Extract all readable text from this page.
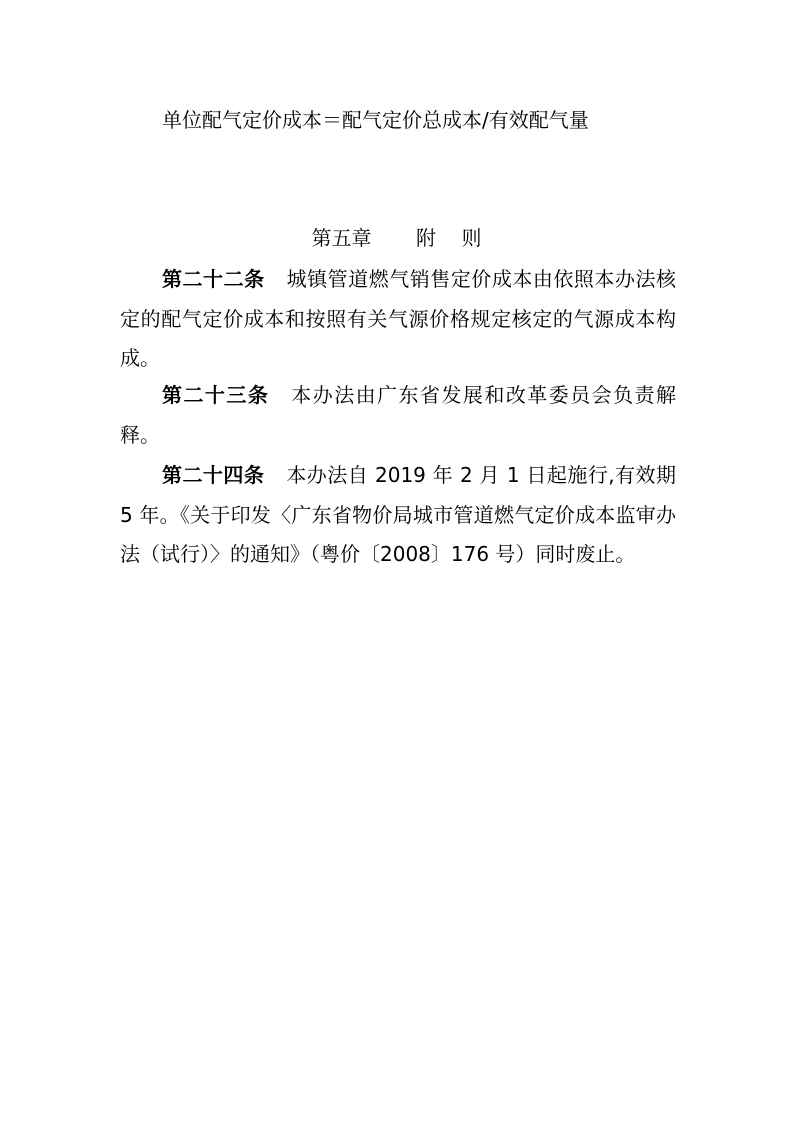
单位配气定价成本＝配气定价总成本/有效配气量
第五章 附    则

第二十二条 城镇管道燃气销售定价成本由依照本办法核定的配气定价成本和按照有关气源价格规定核定的气源成本构成。

第二十三条 本办法由广东省发展和改革委员会负责解释。

第二十四条 本办法自 2019 年 2 月 1 日起施行,有效期 5 年。《关于印发〈广东省物价局城市管道燃气定价成本监审办法（试行）〉的通知》（粤价〔2008〕176 号）同时废止。
